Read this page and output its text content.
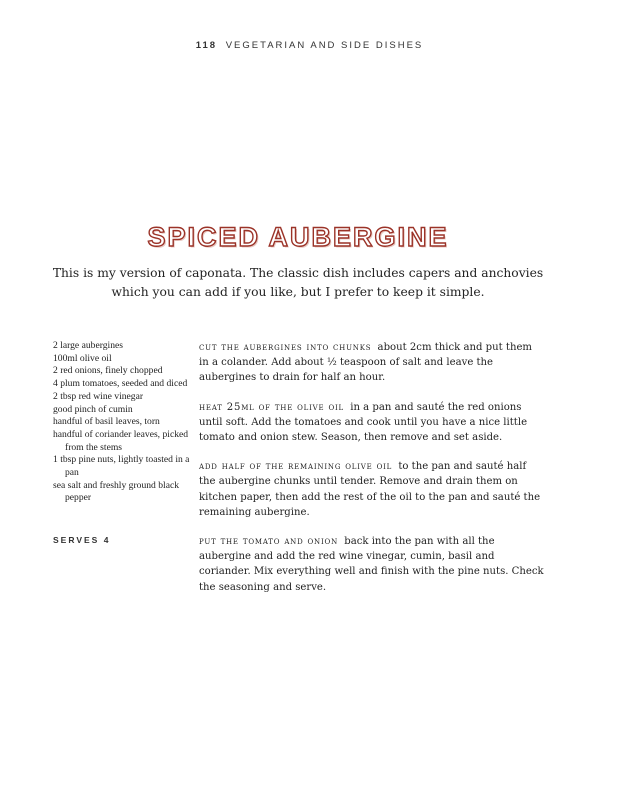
118 VEGETARIAN AND SIDE DISHES
SPICED AUBERGINE
This is my version of caponata. The classic dish includes capers and anchovies which you can add if you like, but I prefer to keep it simple.
2 large aubergines
100ml olive oil
2 red onions, finely chopped
4 plum tomatoes, seeded and diced
2 tbsp red wine vinegar
good pinch of cumin
handful of basil leaves, torn
handful of coriander leaves, picked from the stems
1 tbsp pine nuts, lightly toasted in a pan
sea salt and freshly ground black pepper
SERVES 4

cut the aubergines into chunks about 2cm thick and put them in a colander. Add about ½ teaspoon of salt and leave the aubergines to drain for half an hour.

heat 25ml of the olive oil in a pan and sauté the red onions until soft. Add the tomatoes and cook until you have a nice little tomato and onion stew. Season, then remove and set aside.

add half of the remaining olive oil to the pan and sauté half the aubergine chunks until tender. Remove and drain them on kitchen paper, then add the rest of the oil to the pan and sauté the remaining aubergine.

put the tomato and onion back into the pan with all the aubergine and add the red wine vinegar, cumin, basil and coriander. Mix everything well and finish with the pine nuts. Check the seasoning and serve.
